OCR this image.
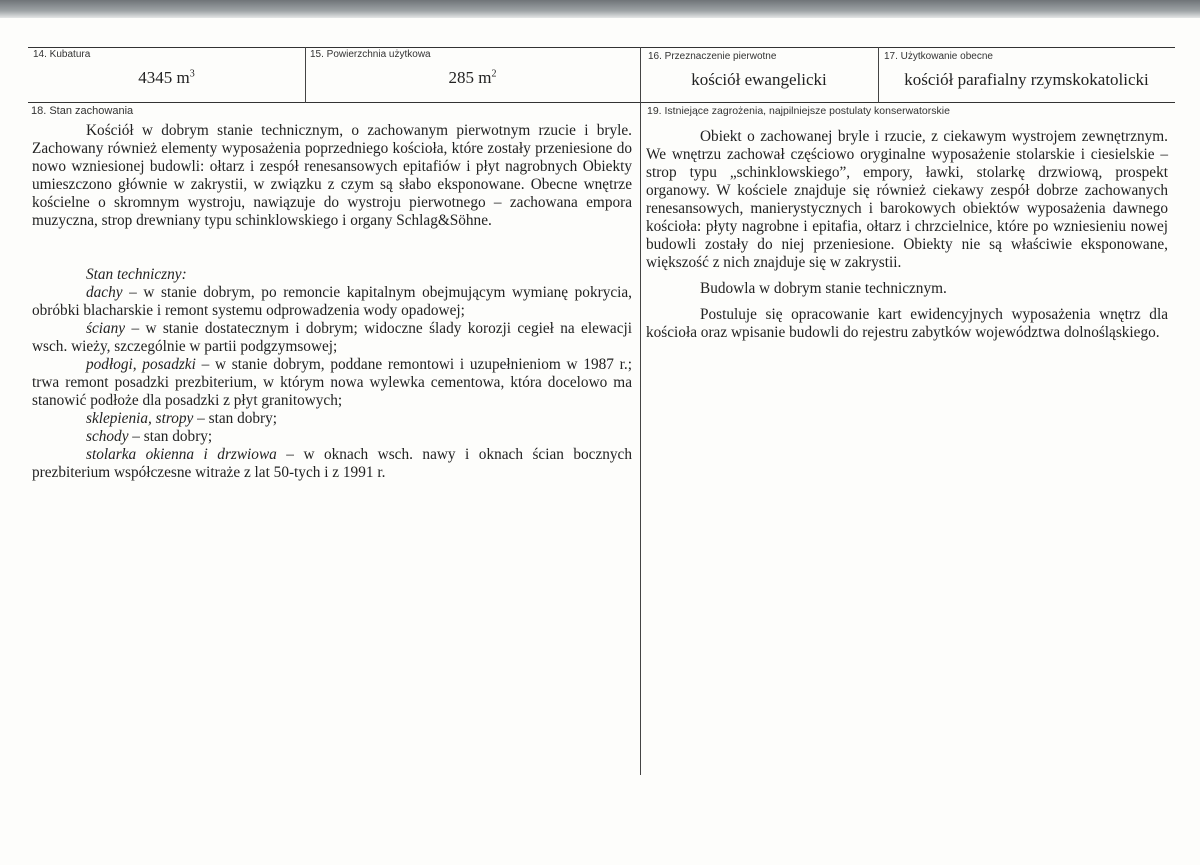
14. Kubatura
4345 $m^3$
15. Powierzchnia użytkowa
285 $m^2$
16. Przeznaczenie pierwotne
kościół ewangelicki
17. Użytkowanie obecne
kościół parafialny rzymskokatolicki
18. Stan zachowania

Kościół w dobrym stanie technicznym, o zachowanym pierwotnym rzucie i bryle. Zachowany również elementy wyposażenia poprzedniego kościoła, które zostały przeniesione do nowo wzniesionej budowli: ołtarz i zespół renesansowych epitafiów i płyt nagrobnych Obiekty umieszczono głównie w zakrystii, w związku z czym są słabo eksponowane. Obecne wnętrze kościelne o skromnym wystroju, nawiązuje do wystroju pierwotnego – zachowana empora muzyczna, strop drewniany typu schinklowskiego i organy Schlag&Söhne.

Stan techniczny:

dachy – w stanie dobrym, po remoncie kapitalnym obejmującym wymianę pokrycia, obróbki blacharskie i remont systemu odprowadzenia wody opadowej;

ściany – w stanie dostatecznym i dobrym; widoczne ślady korozji cegieł na elewacji wsch. wieży, szczególnie w partii podgzymsowej;

podłogi, posadzki – w stanie dobrym, poddane remontowi i uzupełnieniom w 1987 r.; trwa remont posadzki prezbiterium, w którym nowa wylewka cementowa, która docelowo ma stanowić podłoże dla posadzki z płyt granitowych;

sklepienia, stropy – stan dobry;

schody – stan dobry;

stolarka okienna i drzwiowa – w oknach wsch. nawy i oknach ścian bocznych prezbiterium współczesne witraże z lat 50-tych i z 1991 r.

19. Istniejące zagrożenia, najpilniejsze postulaty konserwatorskie

Obiekt o zachowanej bryle i rzucie, z ciekawym wystrojem zewnętrznym. We wnętrzu zachował częściowo oryginalne wyposażenie stolarskie i ciesielskie – strop typu „schinklowskiego”, empory, ławki, stolarkę drzwiową, prospekt organowy. W kościele znajduje się również ciekawy zespół dobrze zachowanych renesansowych, manierystycznych i barokowych obiektów wyposażenia dawnego kościoła: płyty nagrobne i epitafia, ołtarz i chrzcielnice, które po wzniesieniu nowej budowli zostały do niej przeniesione. Obiekty nie są właściwie eksponowane, większość z nich znajduje się w zakrystii.

Budowla w dobrym stanie technicznym.

Postuluje się opracowanie kart ewidencyjnych wyposażenia wnętrz dla kościoła oraz wpisanie budowli do rejestru zabytków województwa dolnośląskiego.
